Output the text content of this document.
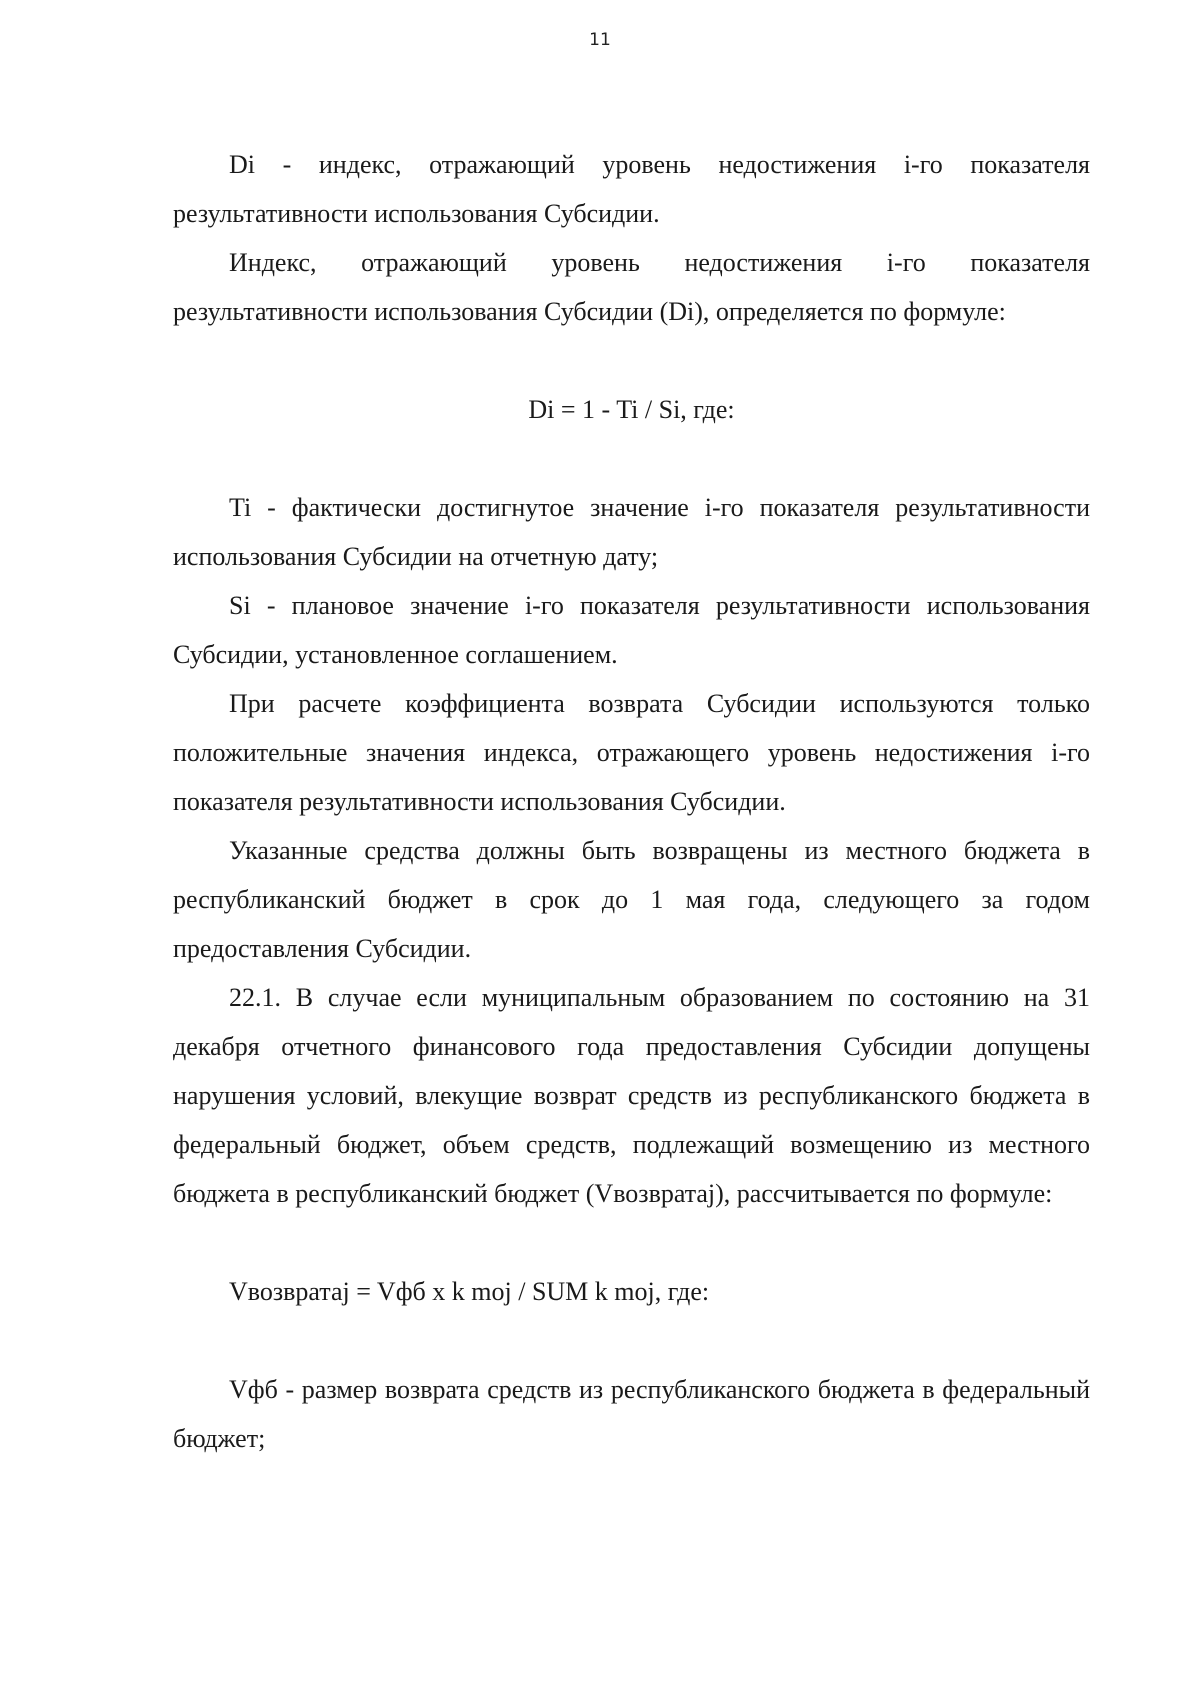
11

Di - индекс, отражающий уровень недостижения i-го показателя результативности использования Субсидии.

Индекс, отражающий уровень недостижения i-го показателя результативности использования Субсидии (Di), определяется по формуле:

Di = 1 - Ti / Si, где:

Ti - фактически достигнутое значение i-го показателя результативности использования Субсидии на отчетную дату;

Si - плановое значение i-го показателя результативности использования Субсидии, установленное соглашением.

При расчете коэффициента возврата Субсидии используются только положительные значения индекса, отражающего уровень недостижения i-го показателя результативности использования Субсидии.

Указанные средства должны быть возвращены из местного бюджета в республиканский бюджет в срок до 1 мая года, следующего за годом предоставления Субсидии.

22.1. В случае если муниципальным образованием по состоянию на 31 декабря отчетного финансового года предоставления Субсидии допущены нарушения условий, влекущие возврат средств из республиканского бюджета в федеральный бюджет, объем средств, подлежащий возмещению из местного бюджета в республиканский бюджет (Vвозвратаj), рассчитывается по формуле:

Vвозвратаj = Vфб x k moj / SUM k moj, где:

Vфб - размер возврата средств из республиканского бюджета в федеральный бюджет;
